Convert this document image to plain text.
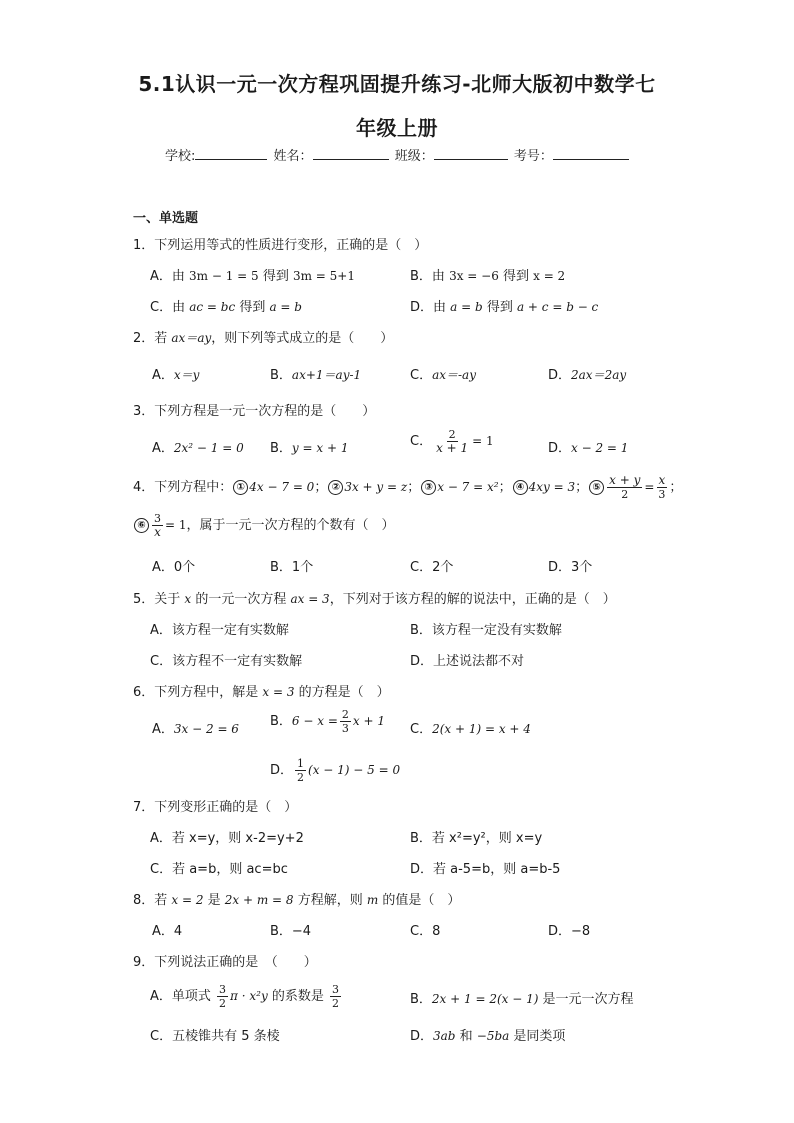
5.1认识一元一次方程巩固提升练习-北师大版初中数学七
年级上册
学校:	姓名：	班级：	考号：
一、单选题
1．下列运用等式的性质进行变形，正确的是（　）
A．由 3m − 1 = 5 得到 3m = 5+1	B．由 3x = −6 得到 x = 2
C．由 ac = bc 得到 a = b	D．由 a = b 得到 a + c = b − c
2．若 ax＝ay，则下列等式成立的是（　　）
A．x＝y	B．ax+1＝ay-1	C．ax＝-ay	D．2ax＝2ay
3．下列方程是一元一次方程的是（　　）
A．2x² − 1 = 0 B．y = x + 1	C． $\frac{2}{x + 1} = 1$	D．x − 2 = 1
4．下列方程中： ① 4x − 7 = 0； ② 3x + y = z； ③ x − 7 = x²； ④ 4xy = 3； ⑤ $\frac{x + y}{2} = \frac{x}{3}$ ；
⑥ $\frac{3}{x} = 1$，属于一元一次方程的个数有（　）
A．0个	B．1个	C．2个	D．3个
5．关于 x 的一元一次方程 ax = 3，下列对于该方程的解的说法中，正确的是（　）
A．该方程一定有实数解	B．该方程一定没有实数解
C．该方程不一定有实数解	D．上述说法都不对
6．下列方程中，解是 x = 3 的方程是（　）
A．3x − 2 = 6 B．$6 - x = \frac{2}{3}$ x + 1
C．2(x + 1) = x + 4
D． $\frac{1}{2} (x - 1) - 5 = 0$
7．下列变形正确的是（　）
A．若 x=y，则 x-2=y+2	B．若 x²=y²，则 x=y
C．若 a=b，则 ac=bc	D．若 a-5=b，则 a=b-5
8．若 x = 2 是 2x + m = 8 方程解，则 m 的值是（　）
A．4	B．−4	C．8	D．−8
9．下列说法正确的是　（　　）
A．单项式 $\frac{3}{2}$ π · x²y 的系数是 $\frac{3}{2}$	B．2x + 1 = 2(x − 1) 是一元一次方程
C．五棱锥共有 5 条棱	D．3ab 和 −5ba 是同类项
